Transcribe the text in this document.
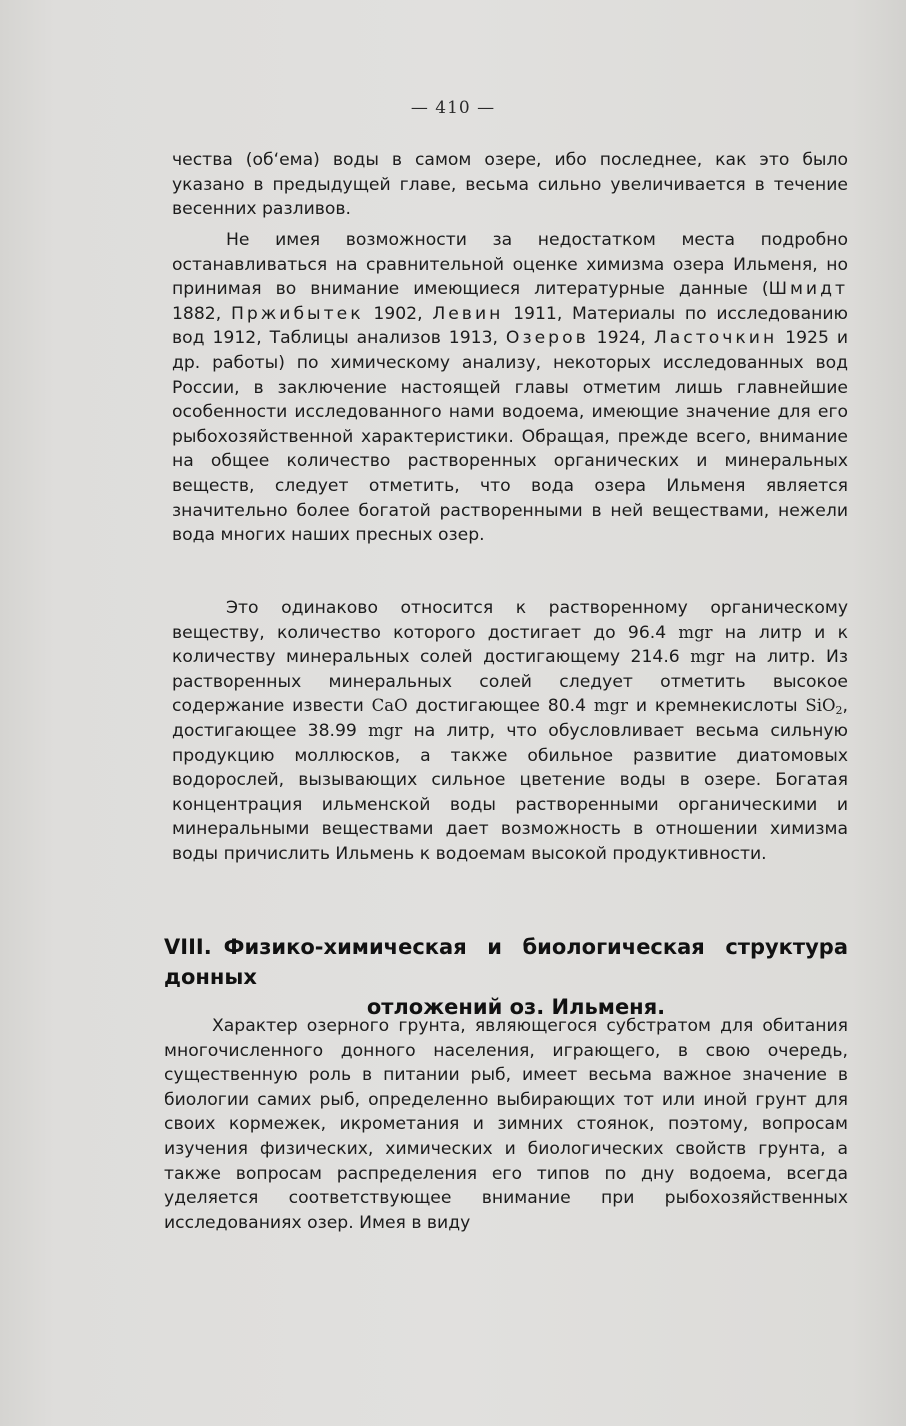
— 410 —

чества (об‘ема) воды в самом озере, ибо последнее, как это было указано в предыдущей главе, весьма сильно увеличивается в течение весенних разливов.

Не имея возможности за недостатком места подробно останавливаться на сравнительной оценке химизма озера Ильменя, но принимая во внимание имеющиеся литературные данные (Шмидт 1882, Пржибытек 1902, Левин 1911, Материалы по исследованию вод 1912, Таблицы анализов 1913, Озеров 1924, Ласточкин 1925 и др. работы) по химическому анализу, некоторых исследованных вод России, в заключение настоящей главы отметим лишь главнейшие особенности исследованного нами водоема, имеющие значение для его рыбохозяйственной характеристики. Обращая, прежде всего, внимание на общее количество растворенных органических и минеральных веществ, следует отметить, что вода озера Ильменя является значительно более богатой растворенными в ней веществами, нежели вода многих наших пресных озер.

Это одинаково относится к растворенному органическому веществу, количество которого достигает до 96.4 mgr на литр и к количеству минеральных солей достигающему 214.6 mgr на литр. Из растворенных минеральных солей следует отметить высокое содержание извести CaO достигающее 80.4 mgr и кремнекислоты SiO$_2$, достигающее 38.99 mgr на литр, что обусловливает весьма сильную продукцию моллюсков, а также обильное развитие диатомовых водорослей, вызывающих сильное цветение воды в озере. Богатая концентрация ильменской воды растворенными органическими и минеральными веществами дает возможность в отношении химизма воды причислить Ильмень к водоемам высокой продуктивности.

VIII. Физико-химическая и биологическая структура донных
отложений оз. Ильменя.

Характер озерного грунта, являющегося субстратом для обитания многочисленного донного населения, играющего, в свою очередь, существенную роль в питании рыб, имеет весьма важное значение в биологии самих рыб, определенно выбирающих тот или иной грунт для своих кормежек, икрометания и зимних стоянок, поэтому, вопросам изучения физических, химических и биологических свойств грунта, а также вопросам распределения его типов по дну водоема, всегда уделяется соответствующее внимание при рыбохозяйственных исследованиях озер. Имея в виду
